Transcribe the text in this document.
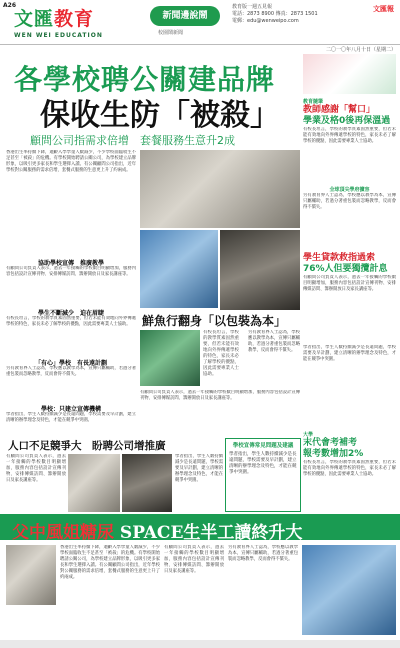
A26
文匯教育
WEN WEI EDUCATION
新聞邊說鬧
校園鬧新聞
教育版一週五見報
電話：2873 8900 傳真：2873 1501
電郵：edu@wenweipo.com
文匯報
二〇一〇年八月十日（星期二）
各學校聘公關建品牌
保收生防「被殺」
顧問公司指需求倍增　套餐服務生意升2成
香港出生率持續下降，適齡入學學童人數減少，不少學校面臨收生不足甚至「被殺」的危機。有學校開始聘請公關公司，為學校建立品牌形象，以吸引更多家長和學生選擇入讀。有公關顧問公司指出，近年學校對公關服務的需求倍增，套餐式服務的生意更上升了約兩成。
協助學校宣傳　推廣教學
有顧問公司負責人表示，過去一年接觸的學校數目明顯增加，服務內容包括設計宣傳刊物、安排傳媒訪問、籌辦開放日及家長講座等。
學生不斷減少　迫在眉睫
有校長坦言，學校的教學質素固然重要，但若未能有效地向外界傳遞學校的特色，家長未必了解學校的優點，因此需要專業人士協助。
「有心」學校　有長遠計劃
另有教育界人士認為，學校應以教學為本，宣傳只屬輔助，若過分著重包裝而忽略教學，反而會得不償失。
學校：只建立宣傳機構
學者指出，學生人數持續減少是長遠問題，學校需要及早計劃，建立清晰的辦學理念及特色，才能在競爭中突圍。
鮮魚行翻身「以包裝為本」
有校長坦言，學校的教學質素固然重要，但若未能有效地向外界傳遞學校的特色，家長未必了解學校的優點，因此需要專業人士協助。
另有教育界人士認為，學校應以教學為本，宣傳只屬輔助，若過分著重包裝而忽略教學，反而會得不償失。
有顧問公司負責人表示，過去一年接觸的學校數目明顯增加，服務內容包括設計宣傳刊物、安排傳媒訪問、籌辦開放日及家長講座等。
學校宣傳常見問題及建議
學者指出，學生人數持續減少是長遠問題，學校需要及早計劃，建立清晰的辦學理念及特色，才能在競爭中突圍。
人口不足競爭大　盼聘公司增推廣
有顧問公司負責人表示，過去一年接觸的學校數目明顯增加，服務內容包括設計宣傳刊物、安排傳媒訪問、籌辦開放日及家長講座等。
學者指出，學生人數持續減少是長遠問題，學校需要及早計劃，建立清晰的辦學理念及特色，才能在競爭中突圍。
教育隨筆
教師感謝「幫口」
學業及格0後再保溫過
有校長坦言，學校的教學質素固然重要，但若未能有效地向外界傳遞學校的特色，家長未必了解學校的優點，因此需要專業人士協助。
全球頂尖學府擴容
另有教育界人士認為，學校應以教學為本，宣傳只屬輔助，若過分著重包裝而忽略教學，反而會得不償失。
學生貸款救指過索
76%人但要獨攬計息
有顧問公司負責人表示，過去一年接觸的學校數目明顯增加，服務內容包括設計宣傳刊物、安排傳媒訪問、籌辦開放日及家長講座等。
學者指出，學生人數持續減少是長遠問題，學校需要及早計劃，建立清晰的辦學理念及特色，才能在競爭中突圍。
大學
末代會考補考
報考數增加2%
有校長坦言，學校的教學質素固然重要，但若未能有效地向外界傳遞學校的特色，家長未必了解學校的優點，因此需要專業人士協助。
父中風姐糖尿 SPACE生半工讀終升大
香港出生率持續下降，適齡入學學童人數減少，不少學校面臨收生不足甚至「被殺」的危機。有學校開始聘請公關公司，為學校建立品牌形象，以吸引更多家長和學生選擇入讀。有公關顧問公司指出，近年學校對公關服務的需求倍增，套餐式服務的生意更上升了約兩成。
有顧問公司負責人表示，過去一年接觸的學校數目明顯增加，服務內容包括設計宣傳刊物、安排傳媒訪問、籌辦開放日及家長講座等。
另有教育界人士認為，學校應以教學為本，宣傳只屬輔助，若過分著重包裝而忽略教學，反而會得不償失。
